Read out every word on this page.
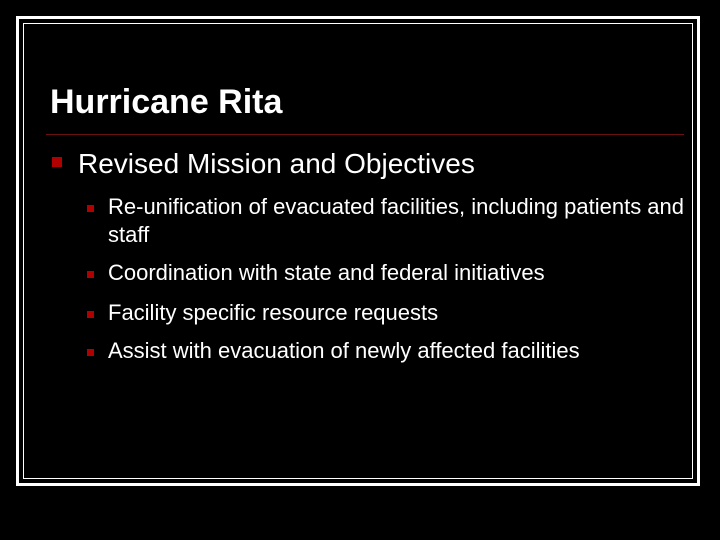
Hurricane Rita
Revised Mission and Objectives
Re-unification of evacuated facilities, including patients and staff
Coordination with state and federal initiatives
Facility specific resource requests
Assist with evacuation of newly affected facilities
